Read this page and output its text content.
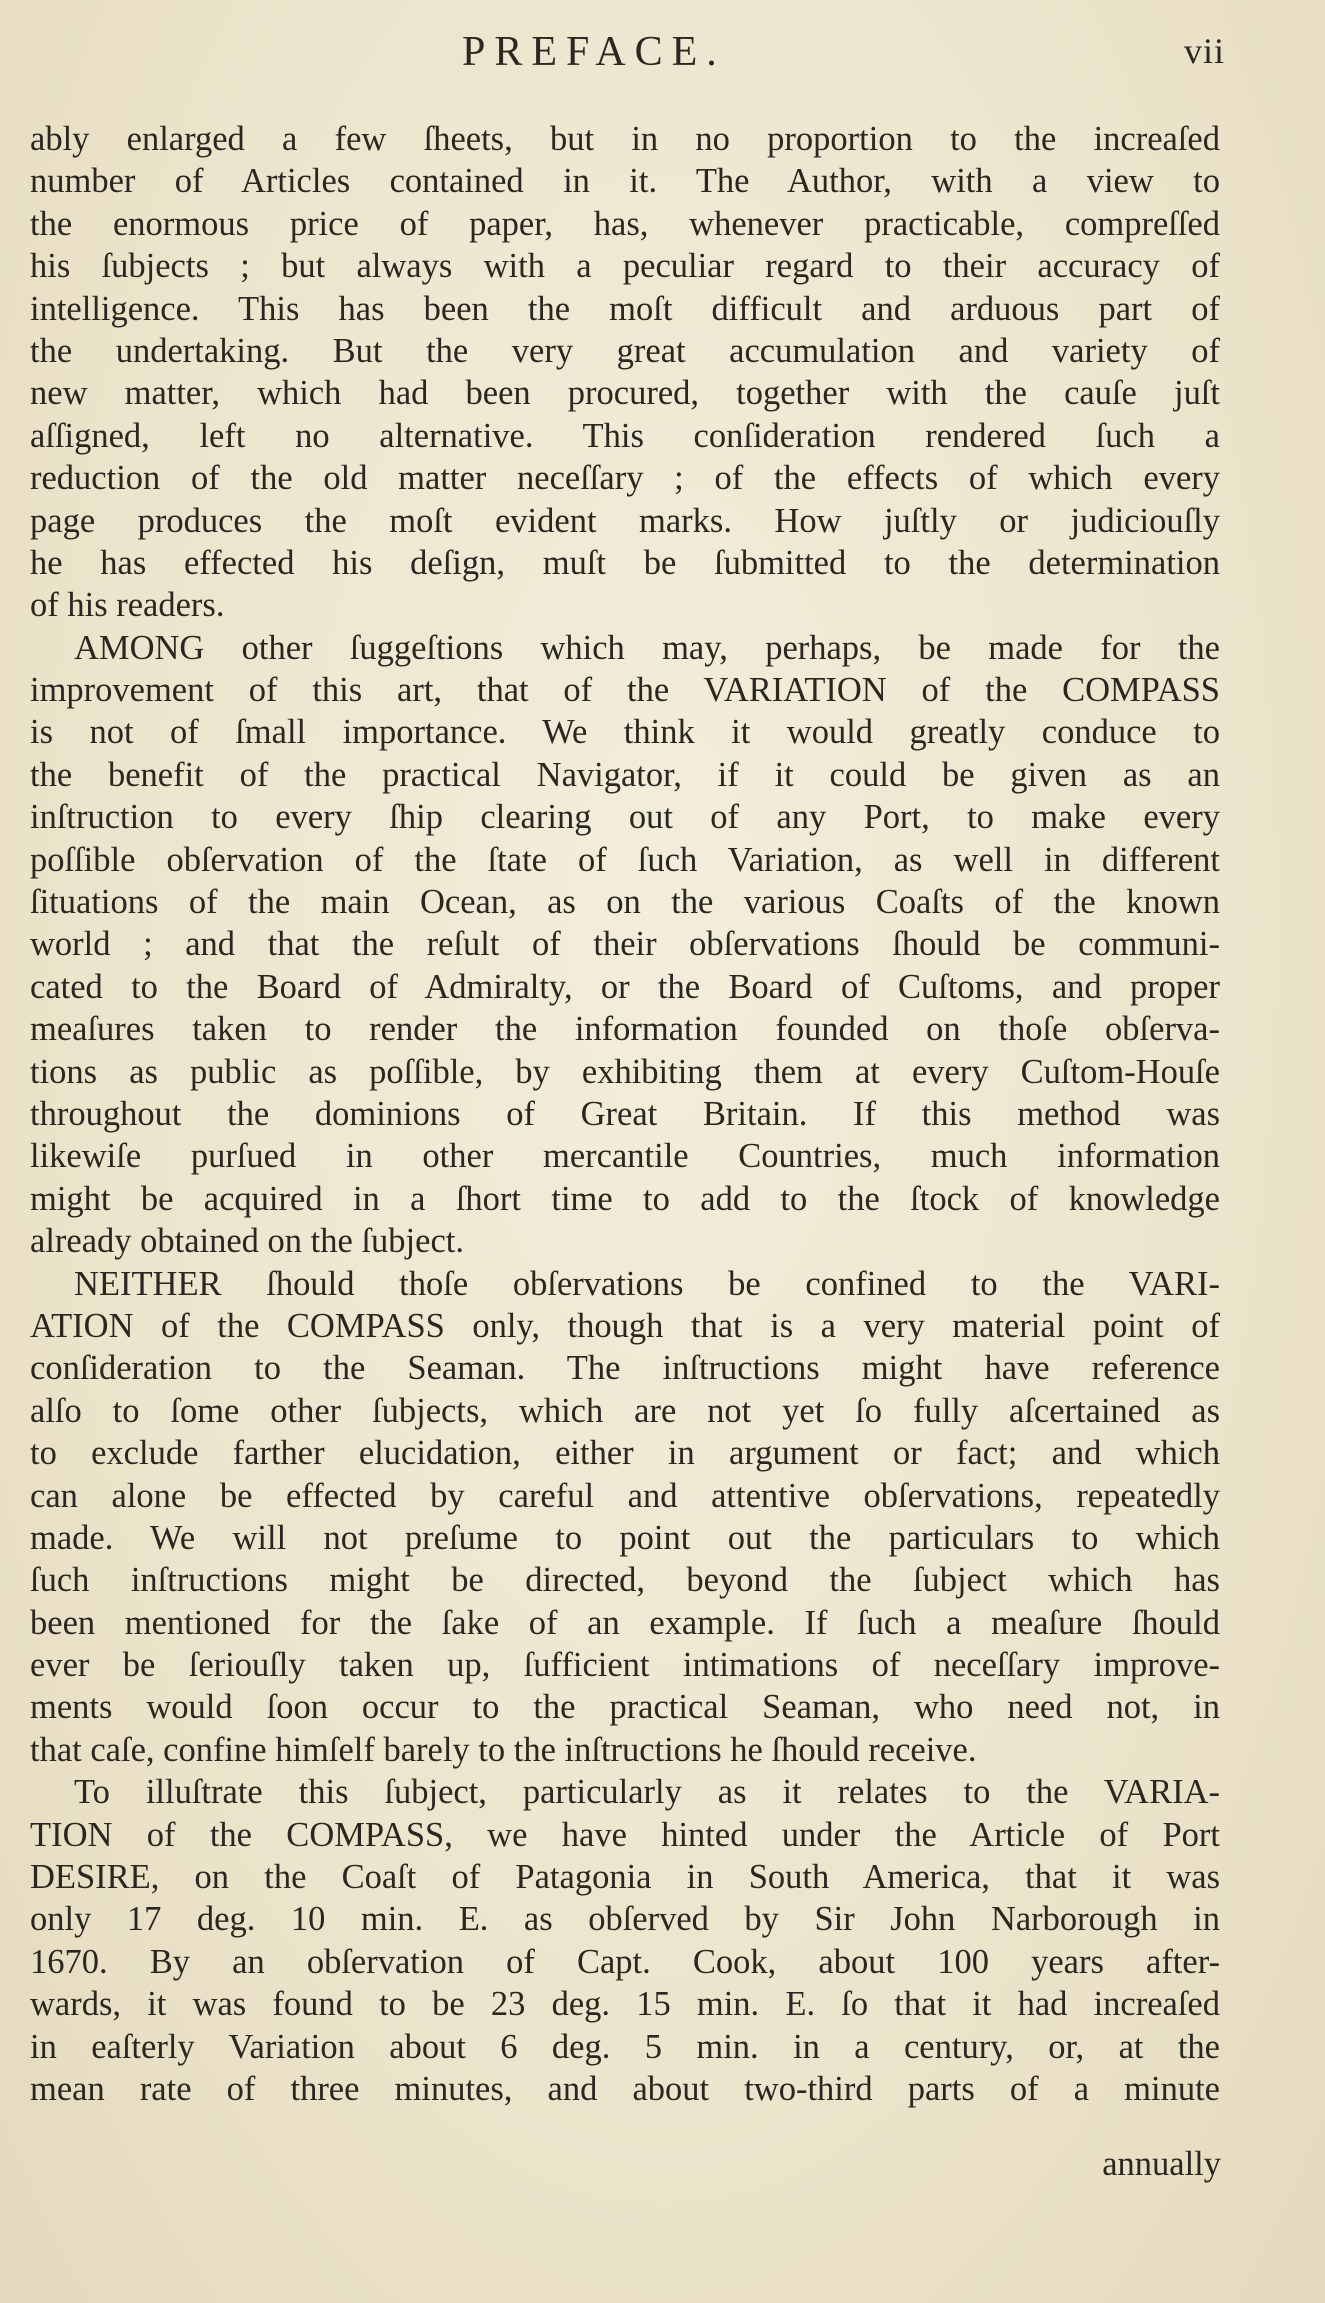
PREFACE.	vii
ably enlarged a few ſheets, but in no proportion to the increaſed
number of Articles contained in it. The Author, with a view to
the enormous price of paper, has, whenever practicable, compreſſed
his ſubjects ; but always with a peculiar regard to their accuracy of
intelligence. This has been the moſt difficult and arduous part of
the undertaking. But the very great accumulation and variety of
new matter, which had been procured, together with the cauſe juſt
aſſigned, left no alternative. This conſideration rendered ſuch a
reduction of the old matter neceſſary ; of the effects of which every
page produces the moſt evident marks. How juſtly or judiciouſly
he has effected his deſign, muſt be ſubmitted to the determination
of his readers.
AMONG other ſuggeſtions which may, perhaps, be made for the
improvement of this art, that of the VARIATION of the COMPASS
is not of ſmall importance. We think it would greatly conduce to
the benefit of the practical Navigator, if it could be given as an
inſtruction to every ſhip clearing out of any Port, to make every
poſſible obſervation of the ſtate of ſuch Variation, as well in different
ſituations of the main Ocean, as on the various Coaſts of the known
world ; and that the reſult of their obſervations ſhould be communi-
cated to the Board of Admiralty, or the Board of Cuſtoms, and proper
meaſures taken to render the information founded on thoſe obſerva-
tions as public as poſſible, by exhibiting them at every Cuſtom-Houſe
throughout the dominions of Great Britain. If this method was
likewiſe purſued in other mercantile Countries, much information
might be acquired in a ſhort time to add to the ſtock of knowledge
already obtained on the ſubject.
NEITHER ſhould thoſe obſervations be confined to the VARI-
ATION of the COMPASS only, though that is a very material point of
conſideration to the Seaman. The inſtructions might have reference
alſo to ſome other ſubjects, which are not yet ſo fully aſcertained as
to exclude farther elucidation, either in argument or fact; and which
can alone be effected by careful and attentive obſervations, repeatedly
made. We will not preſume to point out the particulars to which
ſuch inſtructions might be directed, beyond the ſubject which has
been mentioned for the ſake of an example. If ſuch a meaſure ſhould
ever be ſeriouſly taken up, ſufficient intimations of neceſſary improve-
ments would ſoon occur to the practical Seaman, who need not, in
that caſe, confine himſelf barely to the inſtructions he ſhould receive.
To illuſtrate this ſubject, particularly as it relates to the VARIA-
TION of the COMPASS, we have hinted under the Article of Port
DESIRE, on the Coaſt of Patagonia in South America, that it was
only 17 deg. 10 min. E. as obſerved by Sir John Narborough in
1670. By an obſervation of Capt. Cook, about 100 years after-
wards, it was found to be 23 deg. 15 min. E. ſo that it had increaſed
in eaſterly Variation about 6 deg. 5 min. in a century, or, at the
mean rate of three minutes, and about two-third parts of a minute
annually
